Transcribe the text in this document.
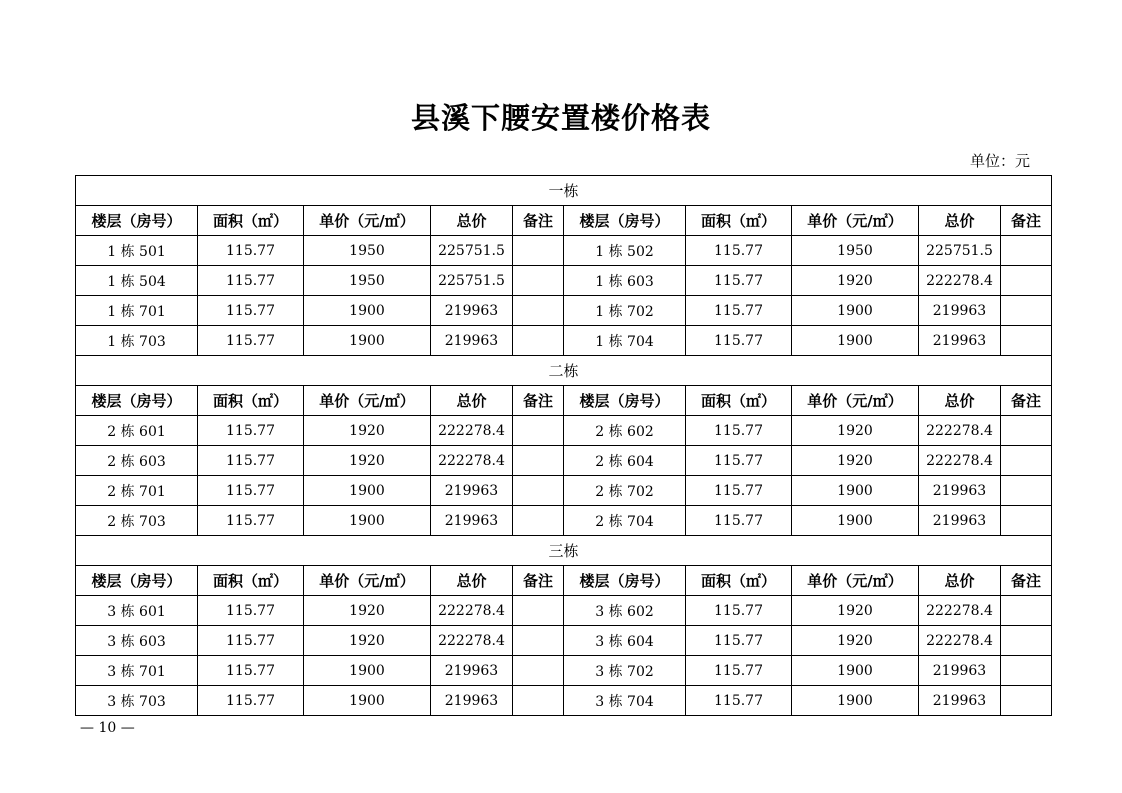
县溪下腰安置楼价格表
单位：元
一栋									
楼层（房号）	面积（㎡）	单价（元/㎡）	总价	备注	楼层（房号）	面积（㎡）	单价（元/㎡）	总价	备注
1 栋 501	115.77	1950	225751.5		1 栋 502	115.77	1950	225751.5	
1 栋 504	115.77	1950	225751.5		1 栋 603	115.77	1920	222278.4	
1 栋 701	115.77	1900	219963		1 栋 702	115.77	1900	219963	
1 栋 703	115.77	1900	219963		1 栋 704	115.77	1900	219963	
二栋									
楼层（房号）	面积（㎡）	单价（元/㎡）	总价	备注	楼层（房号）	面积（㎡）	单价（元/㎡）	总价	备注
2 栋 601	115.77	1920	222278.4		2 栋 602	115.77	1920	222278.4	
2 栋 603	115.77	1920	222278.4		2 栋 604	115.77	1920	222278.4	
2 栋 701	115.77	1900	219963		2 栋 702	115.77	1900	219963	
2 栋 703	115.77	1900	219963		2 栋 704	115.77	1900	219963	
三栋									
楼层（房号）	面积（㎡）	单价（元/㎡）	总价	备注	楼层（房号）	面积（㎡）	单价（元/㎡）	总价	备注
3 栋 601	115.77	1920	222278.4		3 栋 602	115.77	1920	222278.4	
3 栋 603	115.77	1920	222278.4		3 栋 604	115.77	1920	222278.4	
3 栋 701	115.77	1900	219963		3 栋 702	115.77	1900	219963	
3 栋 703	115.77	1900	219963		3 栋 704	115.77	1900	219963	
— 10 —
